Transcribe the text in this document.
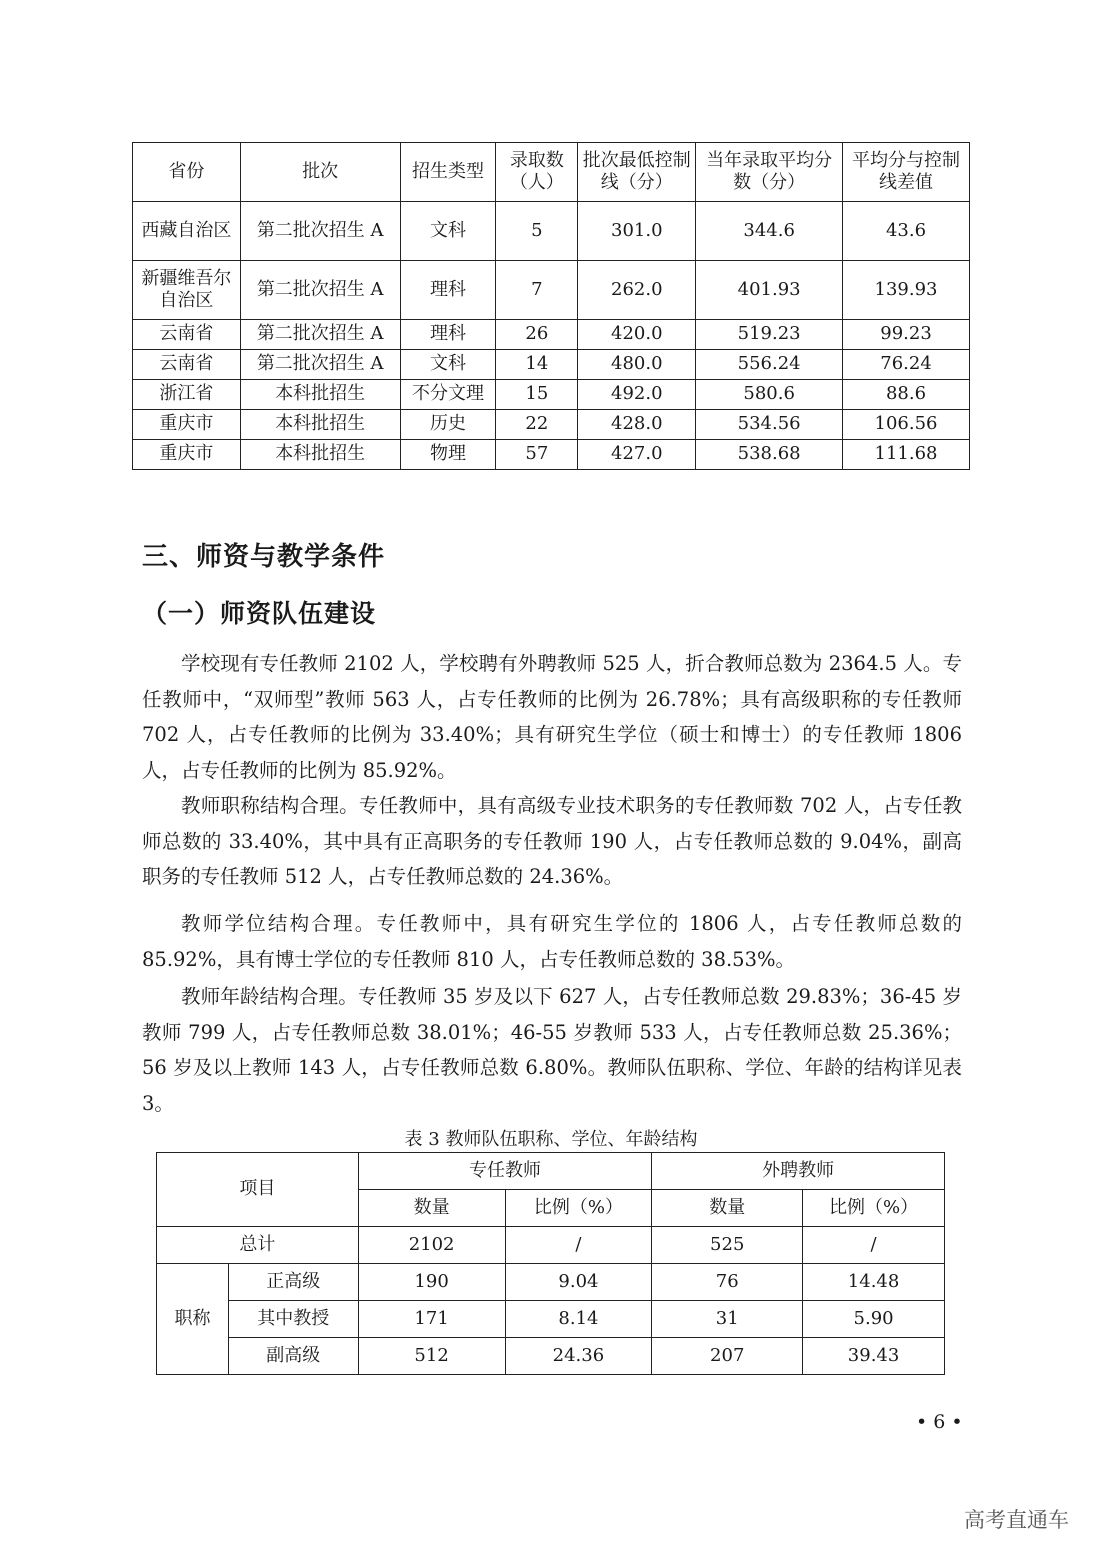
省份	批次	招生类型	录取数（人）	批次最低控制线（分）	当年录取平均分数（分）	平均分与控制线差值
西藏自治区	第二批次招生 A	文科	5	301.0	344.6	43.6
新疆维吾尔自治区	第二批次招生 A	理科	7	262.0	401.93	139.93
云南省	第二批次招生 A	理科	26	420.0	519.23	99.23
云南省	第二批次招生 A	文科	14	480.0	556.24	76.24
浙江省	本科批招生	不分文理	15	492.0	580.6	88.6
重庆市	本科批招生	历史	22	428.0	534.56	106.56
重庆市	本科批招生	物理	57	427.0	538.68	111.68
三、师资与教学条件
（一）师资队伍建设

学校现有专任教师 2102 人，学校聘有外聘教师 525 人，折合教师总数为 2364.5 人。专任教师中，“双师型”教师 563 人，占专任教师的比例为 26.78%；具有高级职称的专任教师 702 人，占专任教师的比例为 33.40%；具有研究生学位（硕士和博士）的专任教师 1806 人，占专任教师的比例为 85.92%。

教师职称结构合理。专任教师中，具有高级专业技术职务的专任教师数 702 人，占专任教师总数的 33.40%，其中具有正高职务的专任教师 190 人，占专任教师总数的 9.04%，副高职务的专任教师 512 人，占专任教师总数的 24.36%。

教师学位结构合理。专任教师中，具有研究生学位的 1806 人，占专任教师总数的 85.92%，具有博士学位的专任教师 810 人，占专任教师总数的 38.53%。

教师年龄结构合理。专任教师 35 岁及以下 627 人，占专任教师总数 29.83%；36-45 岁教师 799 人，占专任教师总数 38.01%；46-55 岁教师 533 人，占专任教师总数 25.36%；56 岁及以上教师 143 人，占专任教师总数 6.80%。教师队伍职称、学位、年龄的结构详见表 3。

表 3 教师队伍职称、学位、年龄结构
项目		专任教师		外聘教师	
		数量	比例（%）	数量	比例（%）
总计		2102	/	525	/
职称	正高级	190	9.04	76	14.48
	其中教授	171	8.14	31	5.90
	副高级	512	24.36	207	39.43
• 6 •
高考直通车
